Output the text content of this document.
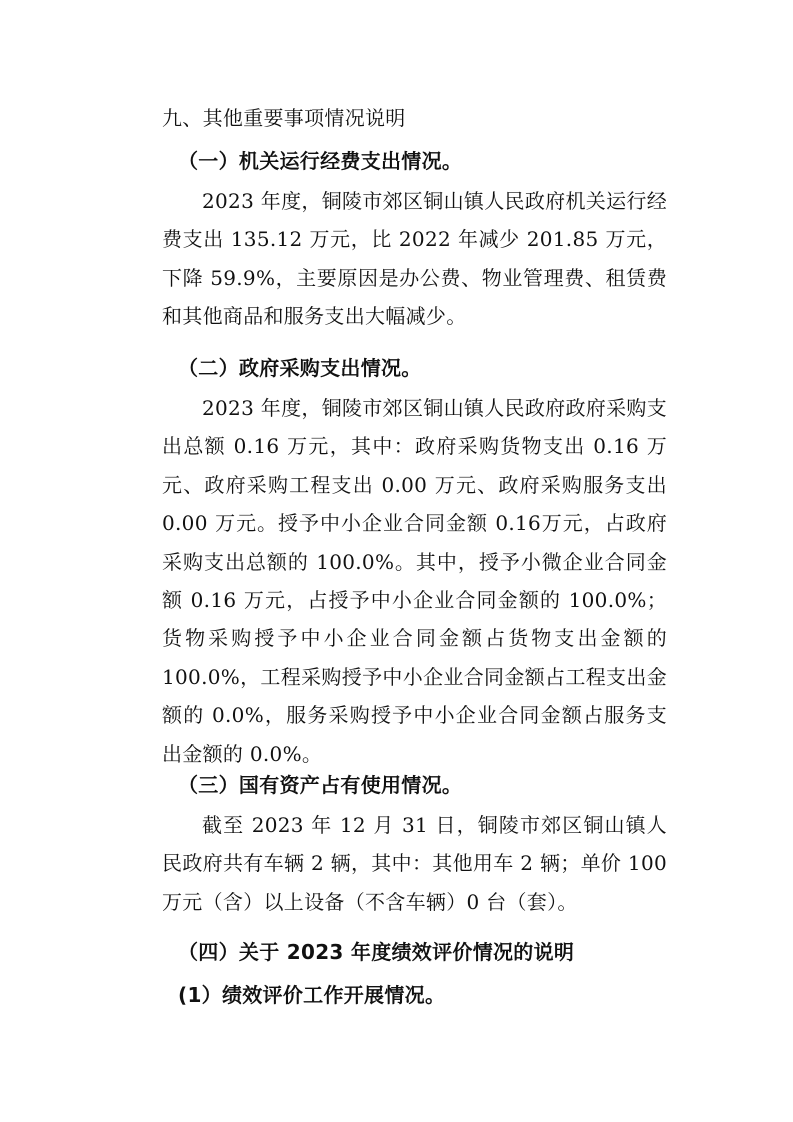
九、其他重要事项情况说明
（一）机关运行经费支出情况。
2023 年度，铜陵市郊区铜山镇人民政府机关运行经费支出 135.12 万元，比 2022 年减少 201.85 万元，下降 59.9%，主要原因是办公费、物业管理费、租赁费和其他商品和服务支出大幅减少。
（二）政府采购支出情况。
2023 年度，铜陵市郊区铜山镇人民政府政府采购支出总额 0.16 万元，其中：政府采购货物支出 0.16 万元、政府采购工程支出 0.00 万元、政府采购服务支出 0.00 万元。授予中小企业合同金额 0.16万元，占政府采购支出总额的 100.0%。其中，授予小微企业合同金额 0.16 万元，占授予中小企业合同金额的 100.0%；货物采购授予中小企业合同金额占货物支出金额的 100.0%，工程采购授予中小企业合同金额占工程支出金额的 0.0%，服务采购授予中小企业合同金额占服务支出金额的 0.0%。
（三）国有资产占有使用情况。
截至 2023 年 12 月 31 日，铜陵市郊区铜山镇人民政府共有车辆 2 辆，其中：其他用车 2 辆；单价 100 万元（含）以上设备（不含车辆）0 台（套）。
（四）关于 2023 年度绩效评价情况的说明
(1）绩效评价工作开展情况。
